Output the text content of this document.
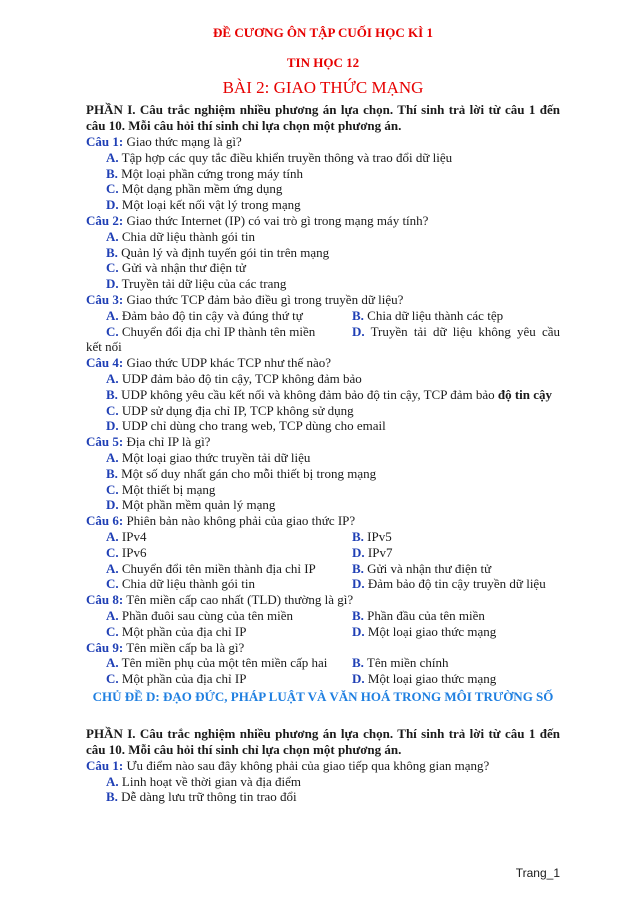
ĐỀ CƯƠNG ÔN TẬP CUỐI HỌC KÌ 1
TIN HỌC 12
BÀI 2: GIAO THỨC MẠNG
PHẦN I. Câu trắc nghiệm nhiều phương án lựa chọn. Thí sinh trả lời từ câu 1 đến câu 10. Mỗi câu hỏi thí sinh chỉ lựa chọn một phương án.
Câu 1: Giao thức mạng là gì?
A. Tập hợp các quy tắc điều khiển truyền thông và trao đổi dữ liệu
B. Một loại phần cứng trong máy tính
C. Một dạng phần mềm ứng dụng
D. Một loại kết nối vật lý trong mạng
Câu 2: Giao thức Internet (IP) có vai trò gì trong mạng máy tính?
A. Chia dữ liệu thành gói tin
B. Quản lý và định tuyến gói tin trên mạng
C. Gửi và nhận thư điện tử
D. Truyền tải dữ liệu của các trang
Câu 3: Giao thức TCP đảm bảo điều gì trong truyền dữ liệu?
A. Đảm bảo độ tin cậy và đúng thứ tự	B. Chia dữ liệu thành các tệp
C. Chuyển đổi địa chỉ IP thành tên miền	D. Truyền tải dữ liệu không yêu cầu
kết nối
Câu 4: Giao thức UDP khác TCP như thế nào?
A. UDP đảm bảo độ tin cậy, TCP không đảm bảo
B. UDP không yêu cầu kết nối và không đảm bảo độ tin cậy, TCP đảm bảo độ tin cậy
C. UDP sử dụng địa chỉ IP, TCP không sử dụng
D. UDP chỉ dùng cho trang web, TCP dùng cho email
Câu 5: Địa chỉ IP là gì?
A. Một loại giao thức truyền tải dữ liệu
B. Một số duy nhất gán cho mỗi thiết bị trong mạng
C. Một thiết bị mạng
D. Một phần mềm quản lý mạng
Câu 6: Phiên bản nào không phải của giao thức IP?
A. IPv4	B. IPv5
C. IPv6	D. IPv7
A. Chuyển đổi tên miền thành địa chỉ IP	B. Gửi và nhận thư điện tử
C. Chia dữ liệu thành gói tin	D. Đảm bảo độ tin cậy truyền dữ liệu
Câu 8: Tên miền cấp cao nhất (TLD) thường là gì?
A. Phần đuôi sau cùng của tên miền	B. Phần đầu của tên miền
C. Một phần của địa chỉ IP	D. Một loại giao thức mạng
Câu 9: Tên miền cấp ba là gì?
A. Tên miền phụ của một tên miền cấp hai	B. Tên miền chính
C. Một phần của địa chỉ IP	D. Một loại giao thức mạng
CHỦ ĐỀ D: ĐẠO ĐỨC, PHÁP LUẬT VÀ VĂN HOÁ TRONG MÔI TRƯỜNG SỐ
PHẦN I. Câu trắc nghiệm nhiều phương án lựa chọn. Thí sinh trả lời từ câu 1 đến câu 10. Mỗi câu hỏi thí sinh chỉ lựa chọn một phương án.
Câu 1: Ưu điểm nào sau đây không phải của giao tiếp qua không gian mạng?
A. Linh hoạt về thời gian và địa điểm
B. Dễ dàng lưu trữ thông tin trao đổi
Trang_1
